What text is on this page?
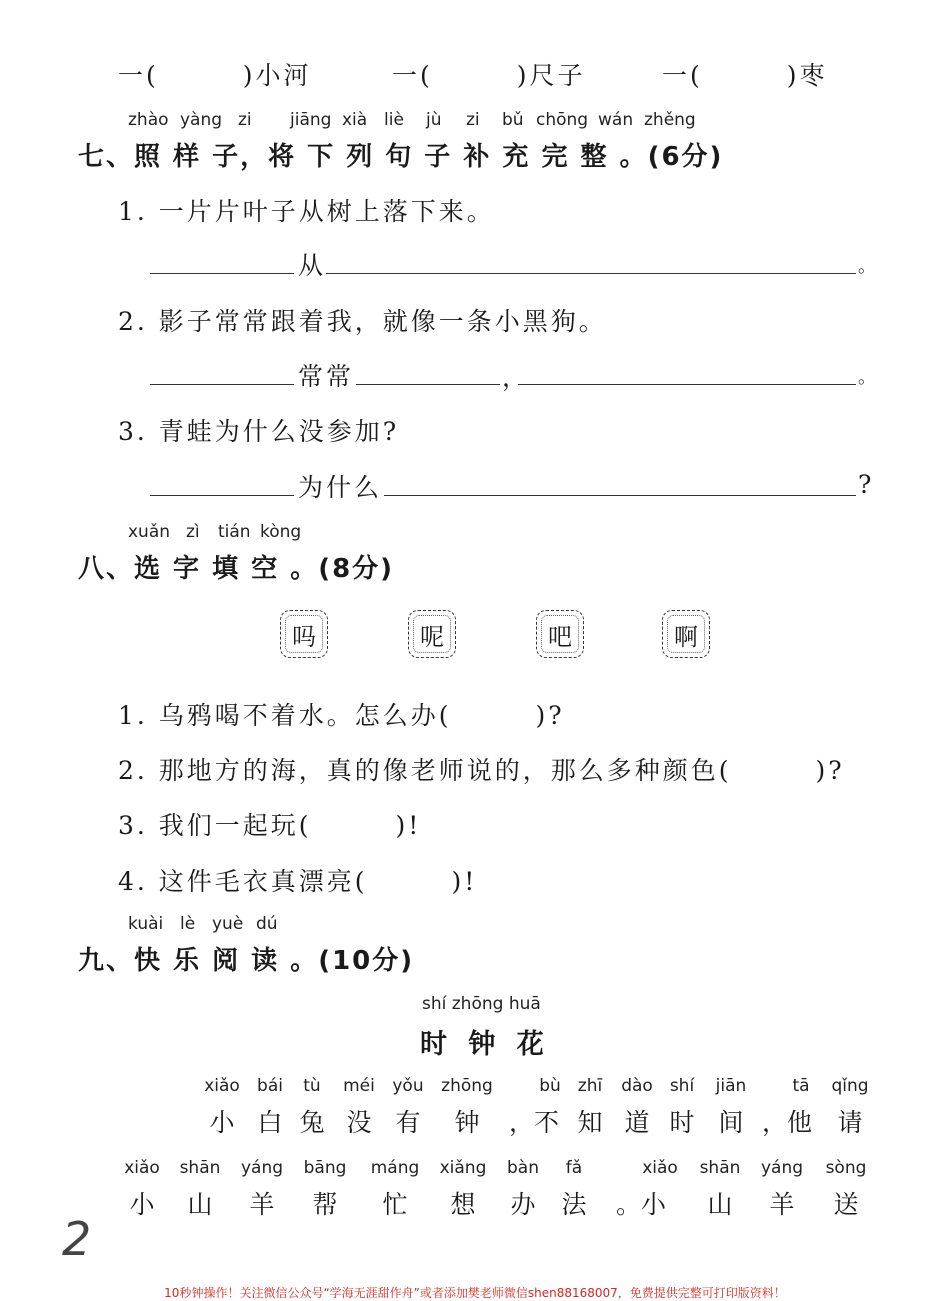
一(　　　)小河	一(　　　)尺子	一(　　　)枣
zhào yàng zi jiāng xià liè jù zi bǔ chōng wán zhěng
七、照 样 子，将 下 列 句 子 补 充 完 整 。(6分)
1. 一片片叶子从树上落下来。
从	。
2. 影子常常跟着我，就像一条小黑狗。
常常	，	。
3. 青蛙为什么没参加?
为什么	?
xuǎn zì tián kòng
八、选 字 填 空 。(8分)
吗	呢	吧	啊
1. 乌鸦喝不着水。怎么办(　　　)?
2. 那地方的海，真的像老师说的，那么多种颜色(　　　)?
3. 我们一起玩(　　　)!
4. 这件毛衣真漂亮(　　　)!
kuài lè yuè dú
九、快 乐 阅 读 。(10分)
shí zhōng huā
时 钟 花
xiǎo	bái	tù	méi	yǒu	zhōng	bù	zhī	dào	shí	jiān	tā	qǐng
小 白 兔 没 有	钟	，不 知 道 时 间 ，他	请
xiǎo	shān	yáng	bāng	máng	xiǎng	bàn	fǎ	xiǎo	shān	yáng	sòng
小	山	羊	帮	忙	想	办	法	。小	山	羊	送
2
10秒钟操作！关注微信公众号“学海无涯甜作舟”或者添加樊老师微信shen88168007，免费提供完整可打印版资料！
